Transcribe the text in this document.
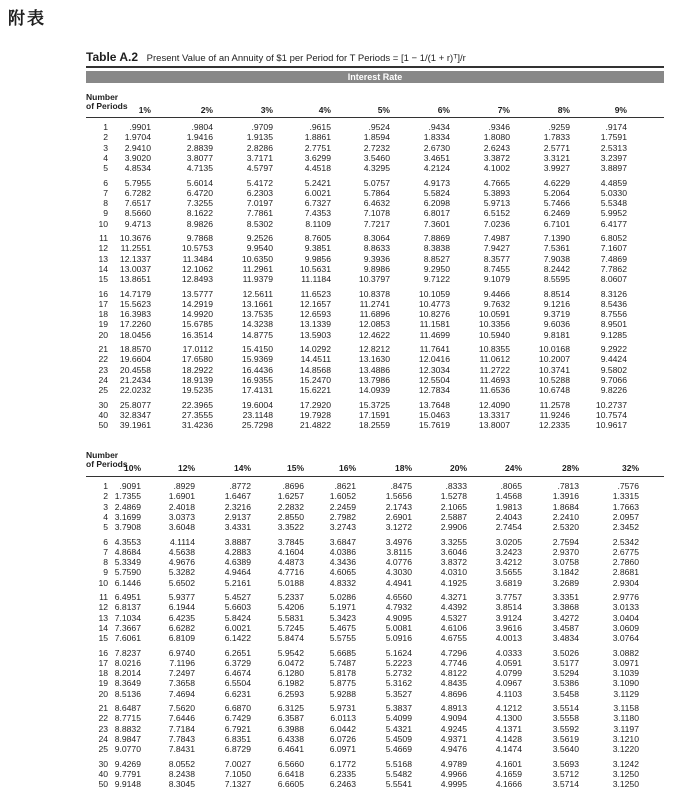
附表
Table A.2 Present Value of an Annuity of $1 per Period for T Periods = [1 − 1/(1 + r)ᵀ]/r
Interest Rate
Number
of Periods	1%	2%	3%	4%	5%	6%	7%	8%	9%
1	.9901	.9804	.9709	.9615	.9524	.9434	.9346	.9259	.9174
2	1.9704	1.9416	1.9135	1.8861	1.8594	1.8334	1.8080	1.7833	1.7591
3	2.9410	2.8839	2.8286	2.7751	2.7232	2.6730	2.6243	2.5771	2.5313
4	3.9020	3.8077	3.7171	3.6299	3.5460	3.4651	3.3872	3.3121	3.2397
5	4.8534	4.7135	4.5797	4.4518	4.3295	4.2124	4.1002	3.9927	3.8897
6	5.7955	5.6014	5.4172	5.2421	5.0757	4.9173	4.7665	4.6229	4.4859
7	6.7282	6.4720	6.2303	6.0021	5.7864	5.5824	5.3893	5.2064	5.0330
8	7.6517	7.3255	7.0197	6.7327	6.4632	6.2098	5.9713	5.7466	5.5348
9	8.5660	8.1622	7.7861	7.4353	7.1078	6.8017	6.5152	6.2469	5.9952
10	9.4713	8.9826	8.5302	8.1109	7.7217	7.3601	7.0236	6.7101	6.4177
11	10.3676	9.7868	9.2526	8.7605	8.3064	7.8869	7.4987	7.1390	6.8052
12	11.2551	10.5753	9.9540	9.3851	8.8633	8.3838	7.9427	7.5361	7.1607
13	12.1337	11.3484	10.6350	9.9856	9.3936	8.8527	8.3577	7.9038	7.4869
14	13.0037	12.1062	11.2961	10.5631	9.8986	9.2950	8.7455	8.2442	7.7862
15	13.8651	12.8493	11.9379	11.1184	10.3797	9.7122	9.1079	8.5595	8.0607
16	14.7179	13.5777	12.5611	11.6523	10.8378	10.1059	9.4466	8.8514	8.3126
17	15.5623	14.2919	13.1661	12.1657	11.2741	10.4773	9.7632	9.1216	8.5436
18	16.3983	14.9920	13.7535	12.6593	11.6896	10.8276	10.0591	9.3719	8.7556
19	17.2260	15.6785	14.3238	13.1339	12.0853	11.1581	10.3356	9.6036	8.9501
20	18.0456	16.3514	14.8775	13.5903	12.4622	11.4699	10.5940	9.8181	9.1285
21	18.8570	17.0112	15.4150	14.0292	12.8212	11.7641	10.8355	10.0168	9.2922
22	19.6604	17.6580	15.9369	14.4511	13.1630	12.0416	11.0612	10.2007	9.4424
23	20.4558	18.2922	16.4436	14.8568	13.4886	12.3034	11.2722	10.3741	9.5802
24	21.2434	18.9139	16.9355	15.2470	13.7986	12.5504	11.4693	10.5288	9.7066
25	22.0232	19.5235	17.4131	15.6221	14.0939	12.7834	11.6536	10.6748	9.8226
30	25.8077	22.3965	19.6004	17.2920	15.3725	13.7648	12.4090	11.2578	10.2737
40	32.8347	27.3555	23.1148	19.7928	17.1591	15.0463	13.3317	11.9246	10.7574
50	39.1961	31.4236	25.7298	21.4822	18.2559	15.7619	13.8007	12.2335	10.9617
Number
of Periods
10%	12%	14%	15%	16%	18%	20%	24%	28%	32%
1	.9091	.8929	.8772	.8696	.8621	.8475	.8333	.8065	.7813	.7576
2 1.7355	1.6901	1.6467	1.6257	1.6052	1.5656	1.5278	1.4568	1.3916	1.3315
3 2.4869	2.4018	2.3216	2.2832	2.2459	2.1743	2.1065	1.9813	1.8684	1.7663
4 3.1699	3.0373	2.9137	2.8550	2.7982	2.6901	2.5887	2.4043	2.2410	2.0957
5 3.7908	3.6048	3.4331	3.3522	3.2743	3.1272	2.9906	2.7454	2.5320	2.3452
6 4.3553	4.1114	3.8887	3.7845	3.6847	3.4976	3.3255	3.0205	2.7594	2.5342
7 4.8684	4.5638	4.2883	4.1604	4.0386	3.8115	3.6046	3.2423	2.9370	2.6775
8 5.3349	4.9676	4.6389	4.4873	4.3436	4.0776	3.8372	3.4212	3.0758	2.7860
9 5.7590	5.3282	4.9464	4.7716	4.6065	4.3030	4.0310	3.5655	3.1842	2.8681
10 6.1446	5.6502	5.2161	5.0188	4.8332	4.4941	4.1925	3.6819	3.2689	2.9304
11 6.4951	5.9377	5.4527	5.2337	5.0286	4.6560	4.3271	3.7757	3.3351	2.9776
12 6.8137	6.1944	5.6603	5.4206	5.1971	4.7932	4.4392	3.8514	3.3868	3.0133
13 7.1034	6.4235	5.8424	5.5831	5.3423	4.9095	4.5327	3.9124	3.4272	3.0404
14 7.3667	6.6282	6.0021	5.7245	5.4675	5.0081	4.6106	3.9616	3.4587	3.0609
15 7.6061	6.8109	6.1422	5.8474	5.5755	5.0916	4.6755	4.0013	3.4834	3.0764
16 7.8237	6.9740	6.2651	5.9542	5.6685	5.1624	4.7296	4.0333	3.5026	3.0882
17 8.0216	7.1196	6.3729	6.0472	5.7487	5.2223	4.7746	4.0591	3.5177	3.0971
18 8.2014	7.2497	6.4674	6.1280	5.8178	5.2732	4.8122	4.0799	3.5294	3.1039
19 8.3649	7.3658	6.5504	6.1982	5.8775	5.3162	4.8435	4.0967	3.5386	3.1090
20 8.5136	7.4694	6.6231	6.2593	5.9288	5.3527	4.8696	4.1103	3.5458	3.1129
21 8.6487	7.5620	6.6870	6.3125	5.9731	5.3837	4.8913	4.1212	3.5514	3.1158
22 8.7715	7.6446	6.7429	6.3587	6.0113	5.4099	4.9094	4.1300	3.5558	3.1180
23 8.8832	7.7184	6.7921	6.3988	6.0442	5.4321	4.9245	4.1371	3.5592	3.1197
24 8.9847	7.7843	6.8351	6.4338	6.0726	5.4509	4.9371	4.1428	3.5619	3.1210
25 9.0770	7.8431	6.8729	6.4641	6.0971	5.4669	4.9476	4.1474	3.5640	3.1220
30 9.4269	8.0552	7.0027	6.5660	6.1772	5.5168	4.9789	4.1601	3.5693	3.1242
40 9.7791	8.2438	7.1050	6.6418	6.2335	5.5482	4.9966	4.1659	3.5712	3.1250
50 9.9148	8.3045	7.1327	6.6605	6.2463	5.5541	4.9995	4.1666	3.5714	3.1250
